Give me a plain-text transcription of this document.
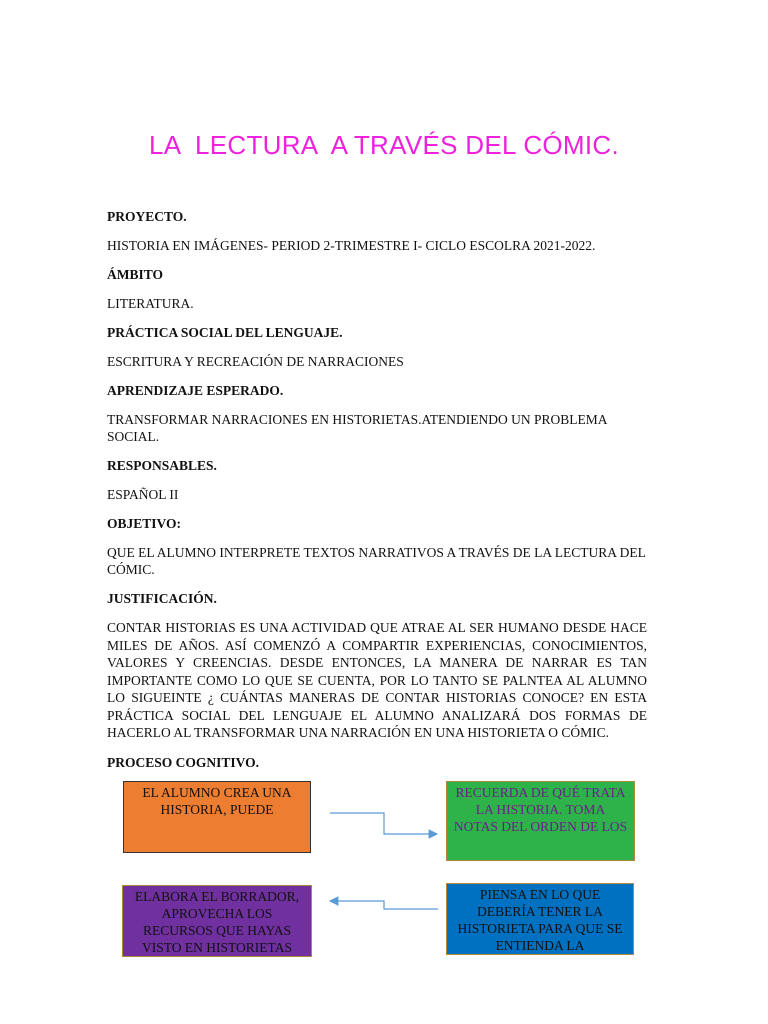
LA  LECTURA  A TRAVÉS DEL CÓMIC.
PROYECTO.
HISTORIA EN IMÁGENES- PERIOD 2-TRIMESTRE I- CICLO ESCOLRA 2021-2022.
ÁMBITO
LITERATURA.
PRÁCTICA SOCIAL DEL LENGUAJE.
ESCRITURA Y RECREACIÓN DE NARRACIONES
APRENDIZAJE ESPERADO.
TRANSFORMAR NARRACIONES EN HISTORIETAS.ATENDIENDO UN PROBLEMA SOCIAL.
RESPONSABLES.
ESPAÑOL II
OBJETIVO:
QUE EL ALUMNO INTERPRETE TEXTOS NARRATIVOS A TRAVÉS DE LA LECTURA DEL CÓMIC.
JUSTIFICACIÓN.
CONTAR HISTORIAS ES UNA ACTIVIDAD QUE ATRAE AL SER HUMANO DESDE HACE MILES DE AÑOS. ASÍ COMENZÓ A COMPARTIR EXPERIENCIAS, CONOCIMIENTOS, VALORES Y CREENCIAS. DESDE ENTONCES, LA MANERA DE NARRAR ES TAN IMPORTANTE COMO LO QUE SE CUENTA, POR LO TANTO SE PALNTEA AL ALUMNO LO SIGUEINTE ¿ CUÁNTAS MANERAS DE CONTAR HISTORIAS CONOCE? EN ESTA PRÁCTICA SOCIAL DEL LENGUAJE EL ALUMNO ANALIZARÁ DOS FORMAS DE HACERLO AL TRANSFORMAR UNA NARRACIÓN EN UNA HISTORIETA O CÓMIC.
PROCESO COGNITIVO.
EL ALUMNO CREA UNA HISTORIA, PUEDE
RECUERDA DE QUÉ TRATA LA HISTORIA. TOMA NOTAS DEL ORDEN DE LOS
ELABORA EL BORRADOR, APROVECHA LOS RECURSOS QUE HAYAS VISTO EN HISTORIETAS
PIENSA EN LO QUE DEBERÍA TENER LA HISTORIETA PARA QUE SE ENTIENDA LA
